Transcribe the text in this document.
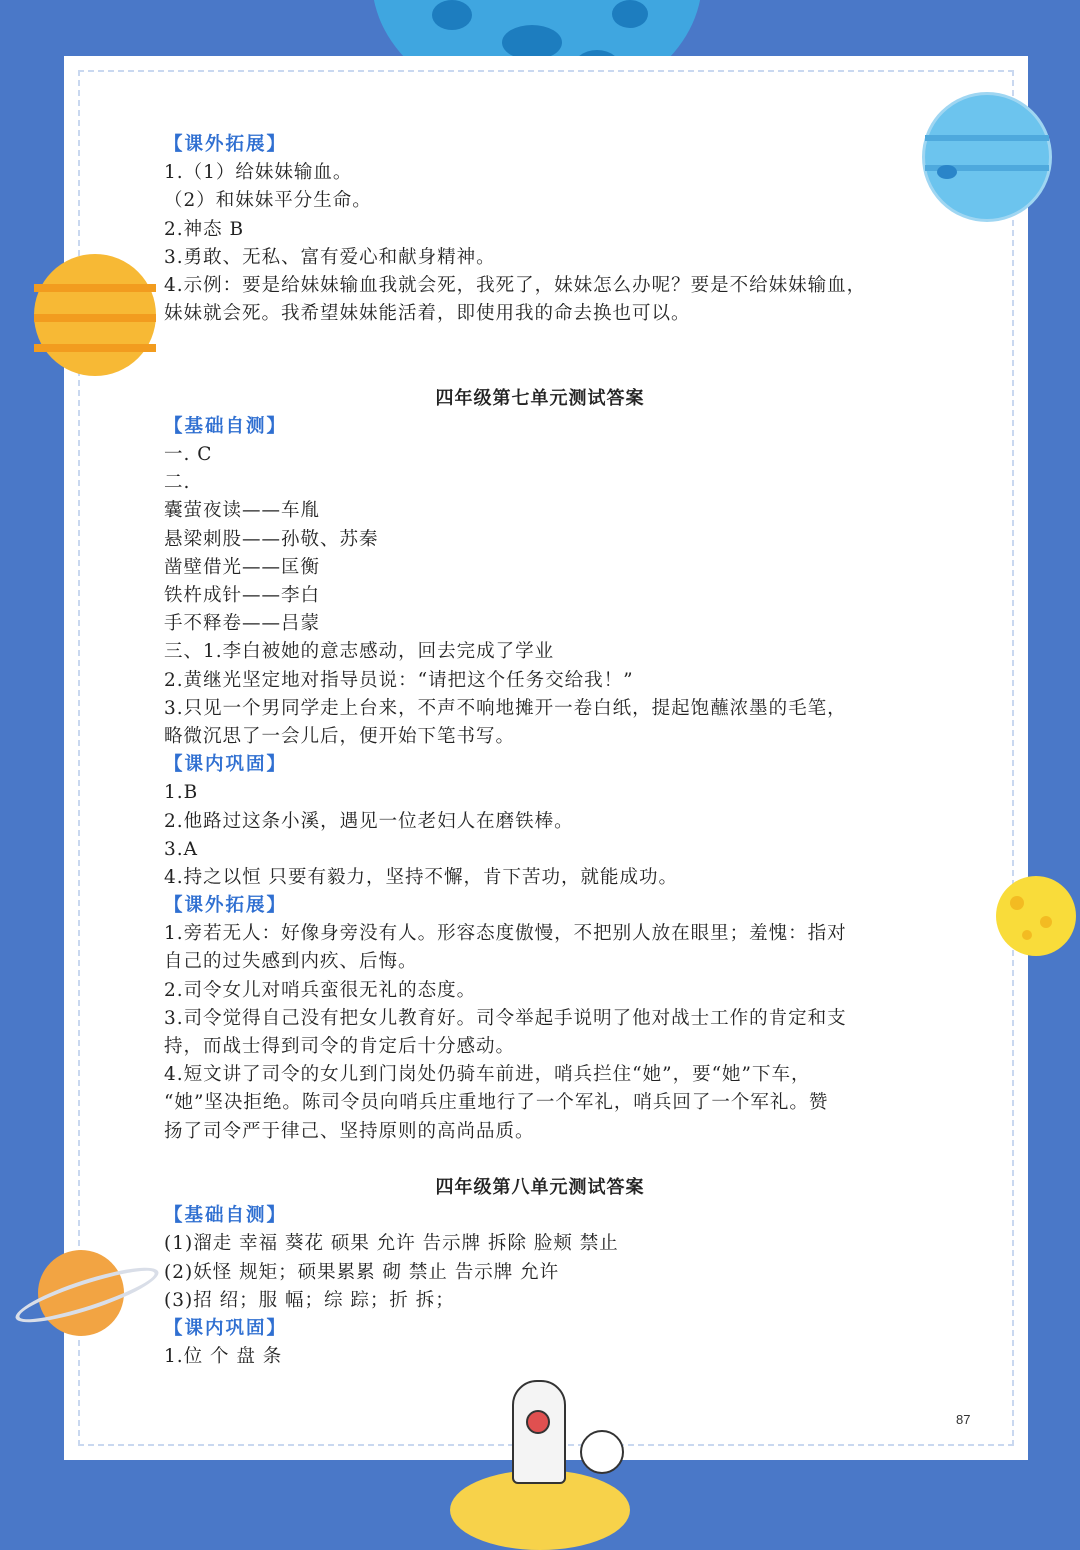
【课外拓展】
1.（1）给妹妹输血。
（2）和妹妹平分生命。
2.神态 B
3.勇敢、无私、富有爱心和献身精神。
4.示例：要是给妹妹输血我就会死，我死了，妹妹怎么办呢？要是不给妹妹输血，
妹妹就会死。我希望妹妹能活着，即使用我的命去换也可以。
四年级第七单元测试答案
【基础自测】
一. C
二.
囊萤夜读——车胤
悬梁刺股——孙敬、苏秦
凿壁借光——匡衡
铁杵成针——李白
手不释卷——吕蒙
三、1.李白被她的意志感动，回去完成了学业
2.黄继光坚定地对指导员说：“请把这个任务交给我！”
3.只见一个男同学走上台来，不声不响地摊开一卷白纸，提起饱蘸浓墨的毛笔，
略微沉思了一会儿后，便开始下笔书写。
【课内巩固】
1.B
2.他路过这条小溪，遇见一位老妇人在磨铁棒。
3.A
4.持之以恒 只要有毅力，坚持不懈，肯下苦功，就能成功。
【课外拓展】
1.旁若无人：好像身旁没有人。形容态度傲慢，不把别人放在眼里；羞愧：指对
自己的过失感到内疚、后悔。
2.司令女儿对哨兵蛮很无礼的态度。
3.司令觉得自己没有把女儿教育好。司令举起手说明了他对战士工作的肯定和支
持，而战士得到司令的肯定后十分感动。
4.短文讲了司令的女儿到门岗处仍骑车前进，哨兵拦住“她”，要“她”下车，
“她”坚决拒绝。陈司令员向哨兵庄重地行了一个军礼，哨兵回了一个军礼。赞
扬了司令严于律己、坚持原则的高尚品质。
四年级第八单元测试答案
【基础自测】
(1)溜走 幸福 葵花 硕果 允许 告示牌 拆除 脸颊 禁止
(2)妖怪 规矩；硕果累累 砌 禁止 告示牌 允许
(3)招 绍；服 幅；综 踪；折 拆；
【课内巩固】
1.位 个 盘 条
87
